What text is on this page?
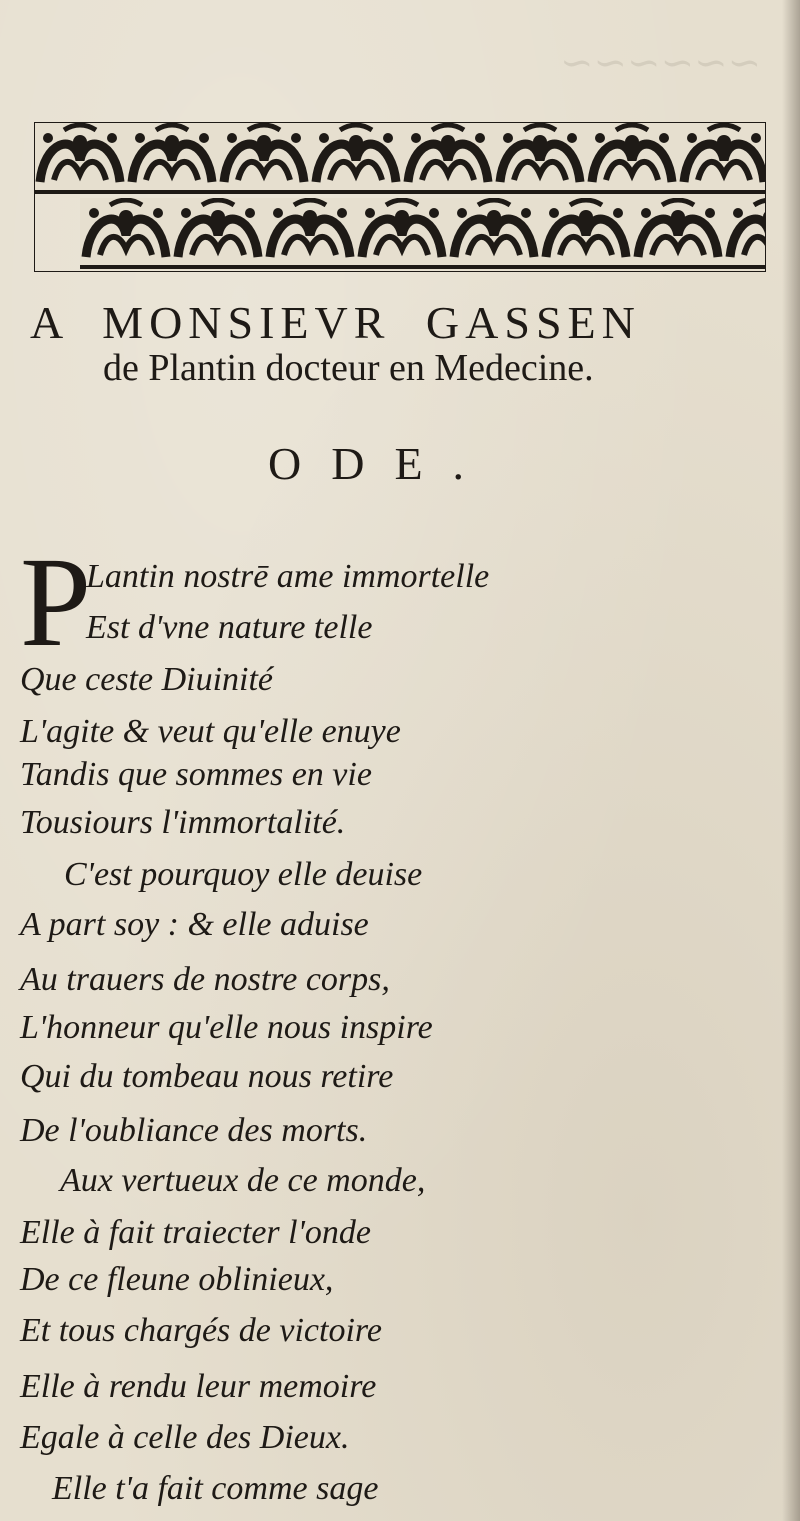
~~~~~~
A MONSIEVR GASSEN
de Plantin docteur en Medecine.
ODE.
P
Lantin nostrē ame immortelle
Est d'vne nature telle
Que ceste Diuinité
L'agite & veut qu'elle enuye
Tandis que sommes en vie
Tousiours l'immortalité.
C'est pourquoy elle deuise
A part soy : & elle aduise
Au trauers de nostre corps,
L'honneur qu'elle nous inspire
Qui du tombeau nous retire
De l'oubliance des morts.
Aux vertueux de ce monde,
Elle à fait traiecter l'onde
De ce fleune oblinieux,
Et tous chargés de victoire
Elle à rendu leur memoire
Egale à celle des Dieux.
Elle t'a fait comme sage
